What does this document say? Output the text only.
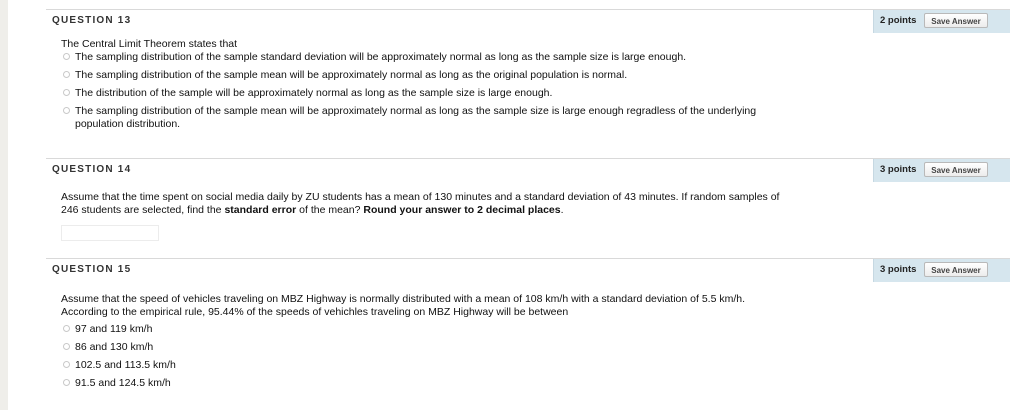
QUESTION 13	2 points	Save Answer

The Central Limit Theorem states that

The sampling distribution of the sample standard deviation will be approximately normal as long as the sample size is large enough.
The sampling distribution of the sample mean will be approximately normal as long as the original population is normal.
The distribution of the sample will be approximately normal as long as the sample size is large enough.
The sampling distribution of the sample mean will be approximately normal as long as the sample size is large enough regradless of the underlying population distribution.
QUESTION 14	3 points	Save Answer

Assume that the time spent on social media daily by ZU students has a mean of 130 minutes and a standard deviation of 43 minutes. If random samples of 246 students are selected, find the standard error of the mean? Round your answer to 2 decimal places.

QUESTION 15	3 points	Save Answer

Assume that the speed of vehicles traveling on MBZ Highway is normally distributed with a mean of 108 km/h with a standard deviation of 5.5 km/h. According to the empirical rule, 95.44% of the speeds of vehichles traveling on MBZ Highway will be between

97 and 119 km/h
86 and 130 km/h
102.5 and 113.5 km/h
91.5 and 124.5 km/h
